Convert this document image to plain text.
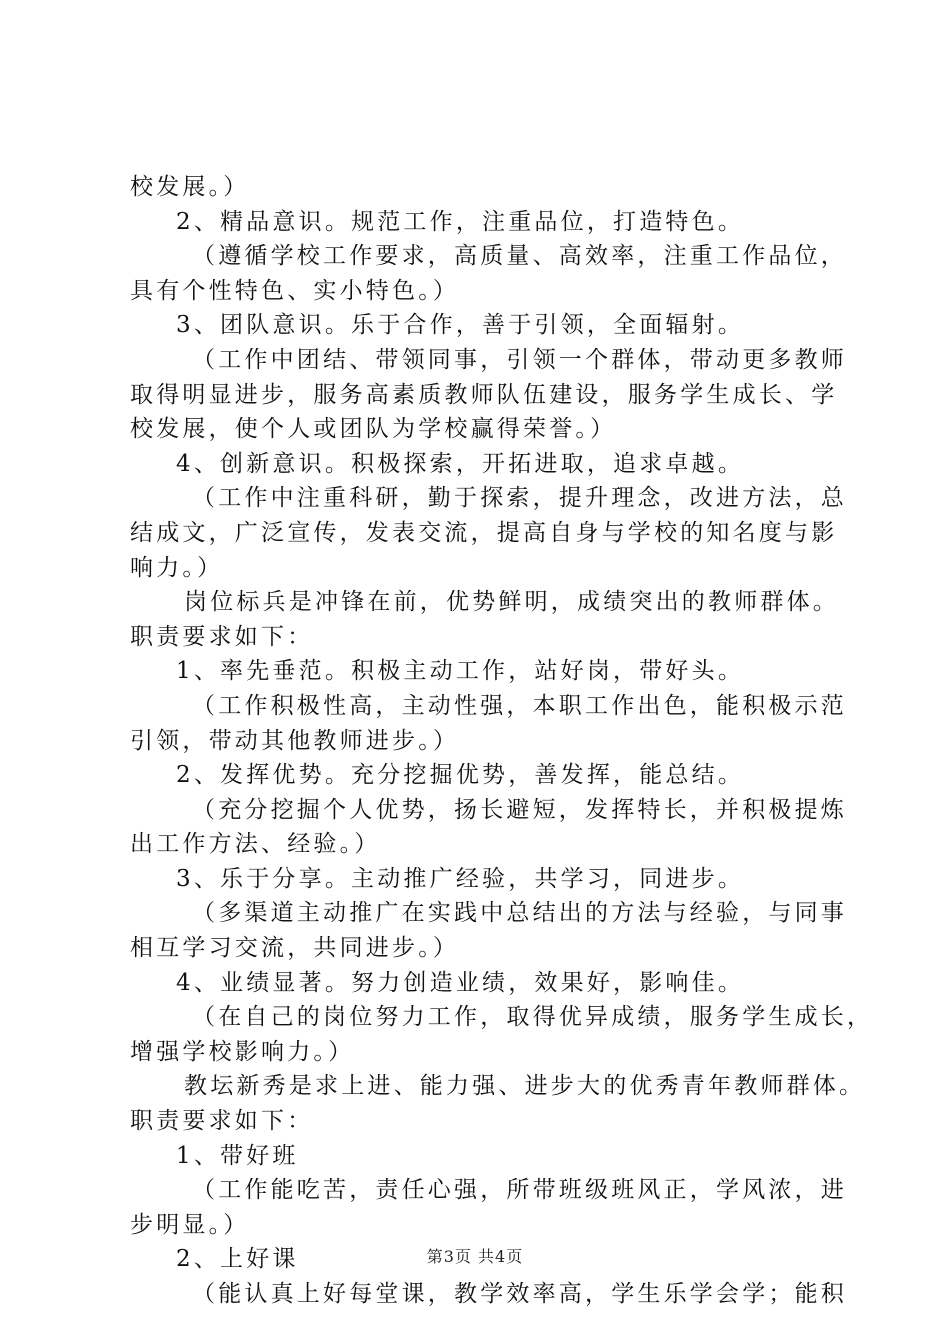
校发展。）
2、精品意识。规范工作，注重品位，打造特色。
（遵循学校工作要求，高质量、高效率，注重工作品位，
具有个性特色、实小特色。）
3、团队意识。乐于合作，善于引领，全面辐射。
（工作中团结、带领同事，引领一个群体，带动更多教师
取得明显进步，服务高素质教师队伍建设，服务学生成长、学
校发展，使个人或团队为学校赢得荣誉。）
4、创新意识。积极探索，开拓进取，追求卓越。
（工作中注重科研，勤于探索，提升理念，改进方法，总
结成文，广泛宣传，发表交流，提高自身与学校的知名度与影
响力。）
岗位标兵是冲锋在前，优势鲜明，成绩突出的教师群体。
职责要求如下：
1、率先垂范。积极主动工作，站好岗，带好头。
（工作积极性高，主动性强，本职工作出色，能积极示范
引领，带动其他教师进步。）
2、发挥优势。充分挖掘优势，善发挥，能总结。
（充分挖掘个人优势，扬长避短，发挥特长，并积极提炼
出工作方法、经验。）
3、乐于分享。主动推广经验，共学习，同进步。
（多渠道主动推广在实践中总结出的方法与经验，与同事
相互学习交流，共同进步。）
4、业绩显著。努力创造业绩，效果好，影响佳。
（在自己的岗位努力工作，取得优异成绩，服务学生成长，
增强学校影响力。）
教坛新秀是求上进、能力强、进步大的优秀青年教师群体。
职责要求如下：
1、带好班
（工作能吃苦，责任心强，所带班级班风正，学风浓，进
步明显。）
2、上好课
（能认真上好每堂课，教学效率高，学生乐学会学；能积
第3页 共4页
